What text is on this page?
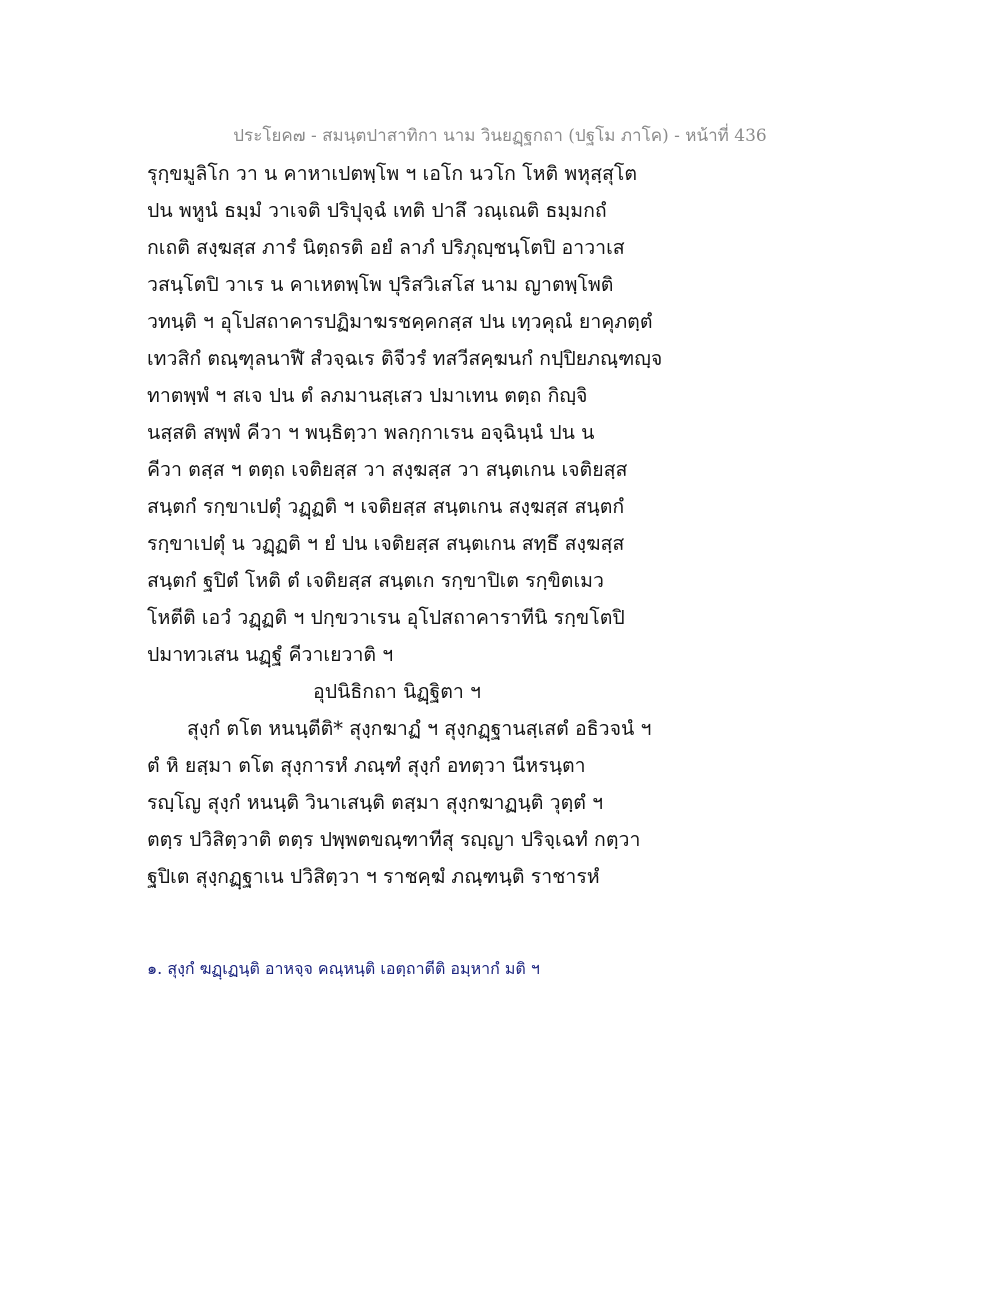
ประโยค๗ - สมนฺตปาสาทิกา นาม วินยฏฺฐกถา (ปฐโม ภาโค) - หน้าที่ 436
รุกฺขมูลิโก วา น คาหาเปตพฺโพ ฯ เอโก นวโก โหติ พหุสฺสุโต
ปน พหูนํ ธมฺมํ วาเจติ ปริปุจฺฉํ เทติ ปาลึ วณฺเณติ ธมฺมกถํ
กเถติ สงฺฆสฺส ภารํ นิตฺถรติ อยํ ลาภํ ปริภุญฺชนฺโตปิ อาวาเส
วสนฺโตปิ วาเร น คาเหตพฺโพ ปุริสวิเสโส นาม ญาตพฺโพติ
วทนฺติ ฯ อุโปสถาคารปฏิมาฆรชคฺคกสฺส ปน เทฺวคุณํ ยาคุภตฺตํ
เทวสิกํ ตณฺฑุลนาฬี สํวจฺฉเร ติจีวรํ ทสวีสคฺฆนกํ กปฺปิยภณฺฑญฺจ
ทาตพฺพํ ฯ สเจ ปน ตํ ลภมานสฺเสว ปมาเทน ตตฺถ กิญฺจิ
นสฺสติ สพฺพํ คีวา ฯ พนฺธิตฺวา พลกฺกาเรน อจฺฉินฺนํ ปน น
คีวา ตสฺส ฯ ตตฺถ เจติยสฺส วา สงฺฆสฺส วา สนฺตเกน เจติยสฺส
สนฺตกํ รกฺขาเปตุํ วฏฺฏติ ฯ เจติยสฺส สนฺตเกน สงฺฆสฺส สนฺตกํ
รกฺขาเปตุํ น วฏฺฏติ ฯ ยํ ปน เจติยสฺส สนฺตเกน สทฺธึ สงฺฆสฺส
สนฺตกํ ฐปิตํ โหติ ตํ เจติยสฺส สนฺตเก รกฺขาปิเต รกฺขิตเมว
โหตีติ เอวํ วฏฺฏติ ฯ ปกฺขวาเรน อุโปสถาคาราทีนิ รกฺขโตปิ
ปมาทวเสน นฏฺฐํ คีวาเยวาติ ฯ
อุปนิธิกถา นิฏฺฐิตา ฯ
สุงฺกํ ตโต หนนฺตีติ* สุงฺกฆาฏํ ฯ สุงฺกฏฺฐานสฺเสตํ อธิวจนํ ฯ
ตํ หิ ยสฺมา ตโต สุงฺการหํ ภณฺฑํ สุงฺกํ อทตฺวา นีหรนฺตา
รญฺโญ สุงฺกํ หนนฺติ วินาเสนฺติ ตสฺมา สุงฺกฆาฏนฺติ วุตฺตํ ฯ
ตตฺร ปวิสิตฺวาติ ตตฺร ปพฺพตขณฺฑาทีสุ รญฺญา ปริจฺเฉทํ กตฺวา
ฐปิเต สุงฺกฏฺฐาเน ปวิสิตฺวา ฯ ราชคฺฆํ ภณฺฑนฺติ ราชารหํ
๑. สุงฺกํ ฆฏฺเฏนฺติ อาหจฺจ คณฺหนฺติ เอตฺถาตีติ อมฺหากํ มติ ฯ
